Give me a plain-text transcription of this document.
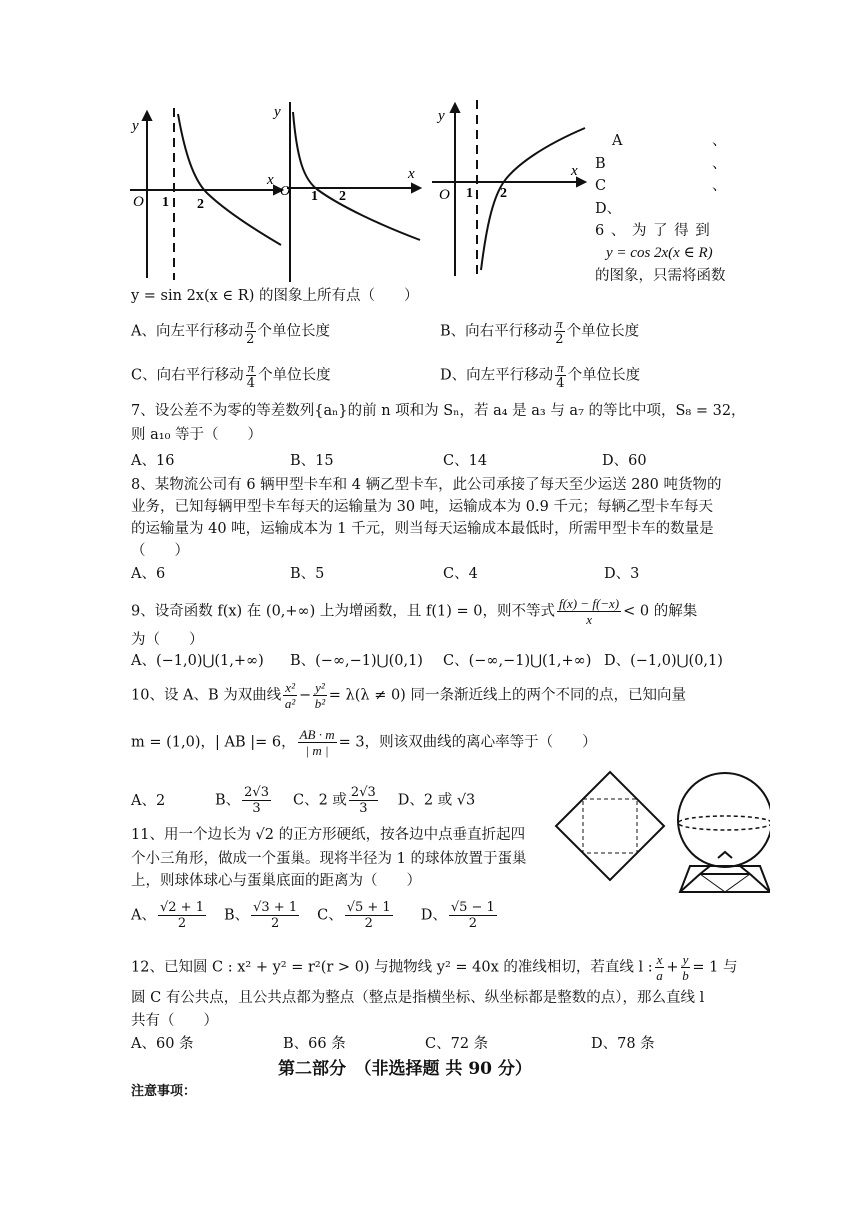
y
x
O 1 2
y
x
O 1 2
y
x
O 1 2
A	、
B	、
C	、
D、
6 、 为 了 得 到
y = cos 2x(x ∈ R)
的图象，只需将函数
y = sin 2x(x ∈ R) 的图象上所有点（　　）
A、向左平行移动 $\frac{\pi}{2}$ 个单位长度	B、向右平行移动 $\frac{\pi}{2}$ 个单位长度
C、向右平行移动 $\frac{\pi}{4}$ 个单位长度	D、向左平行移动 $\frac{\pi}{4}$ 个单位长度
7、设公差不为零的等差数列{aₙ}的前 n 项和为 Sₙ，若 a₄ 是 a₃ 与 a₇ 的等比中项，S₈ = 32，
则 a₁₀ 等于（　　）
A、16	B、15	C、14	D、60
8、某物流公司有 6 辆甲型卡车和 4 辆乙型卡车，此公司承接了每天至少运送 280 吨货物的
业务，已知每辆甲型卡车每天的运输量为 30 吨，运输成本为 0.9 千元；每辆乙型卡车每天
的运输量为 40 吨，运输成本为 1 千元，则当每天运输成本最低时，所需甲型卡车的数量是
（　　）
A、6	B、5	C、4	D、3
9、设奇函数 f(x) 在 (0,+∞) 上为增函数，且 f(1) = 0，则不等式 $\frac{f(x) - f(-x)}{x} < 0$ 的解集
为（　　）
A、(−1,0)⋃(1,+∞) B、(−∞,−1)⋃(0,1) C、(−∞,−1)⋃(1,+∞) D、(−1,0)⋃(0,1)
10、设 A、B 为双曲线 $\frac{\text{x²}}{\text{a²}} - \frac{\text{y²}}{\text{b²}} = \lambda(\lambda \ne 0)$ 同一条渐近线上的两个不同的点，已知向量
m = (1,0)，| AB |= 6， $\frac{AB \cdot m}{| m |} = 3$，则该双曲线的离心率等于（　　）
A、2	B、 $\frac{2√3}{3}$ C、2 或 $\frac{2√3}{3}$ D、2 或 √3
11、用一个边长为 √2 的正方形硬纸，按各边中点垂直折起四
个小三角形，做成一个蛋巢。现将半径为 1 的球体放置于蛋巢
上，则球体球心与蛋巢底面的距离为（　　）
A、 $\frac{√2 + 1}{2}$ B、 $\frac{√3 + 1}{2}$ C、 $\frac{√5 + 1}{2}$ D、 $\frac{√5 - 1}{2}$
12、已知圆 C : x² + y² = r²(r > 0) 与抛物线 y² = 40x 的准线相切，若直线 l : $\frac{x}{a} + \frac{y}{b} = 1$ 与
圆 C 有公共点，且公共点都为整点（整点是指横坐标、纵坐标都是整数的点），那么直线 l
共有（　　）
A、60 条	B、66 条	C、72 条	D、78 条
第二部分　（非选择题 共 90 分）
注意事项：
